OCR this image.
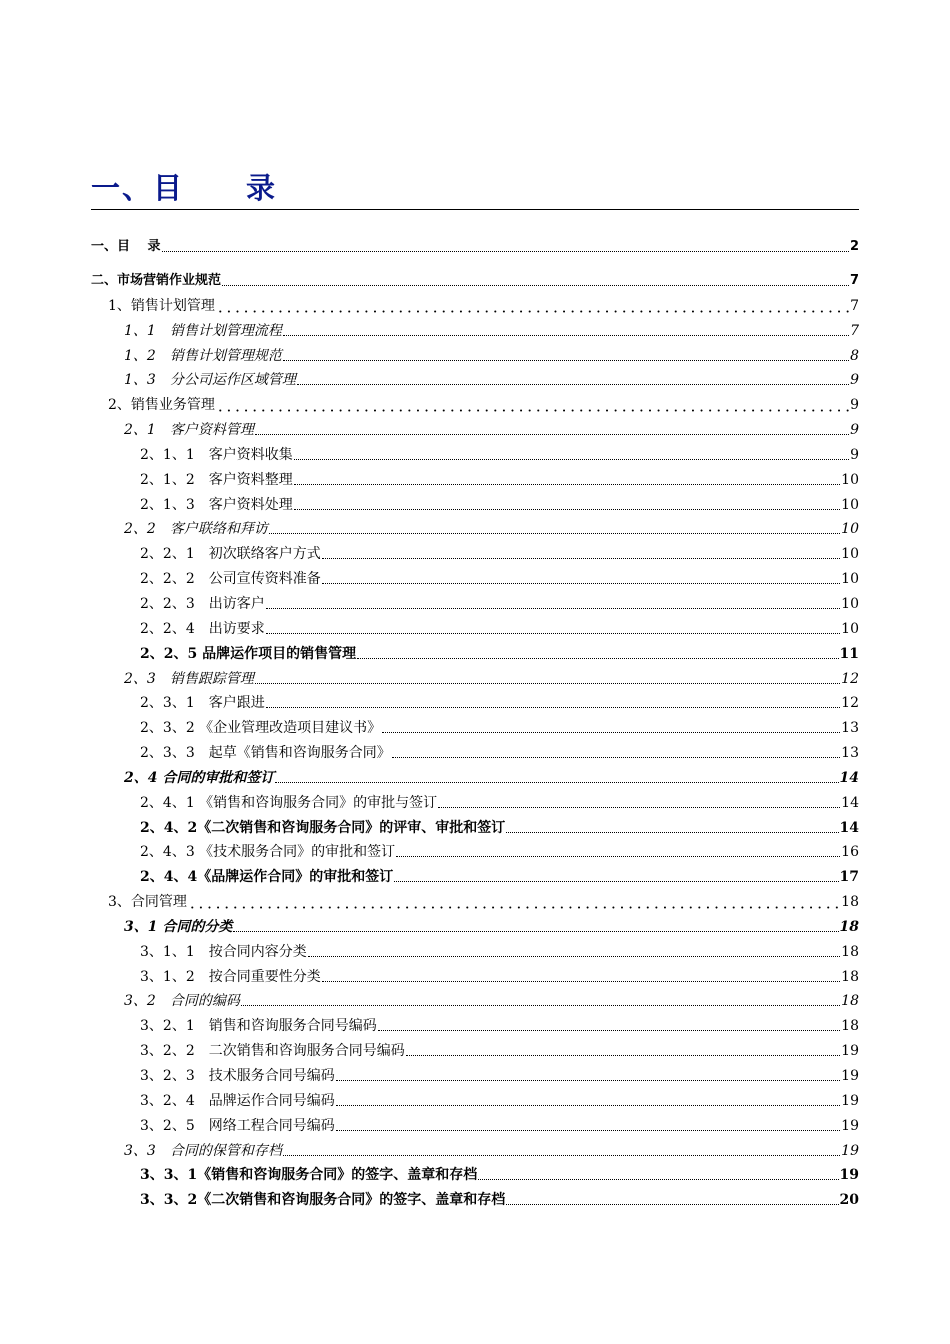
一、目　　录
一、目　 录	2
二、市场营销作业规范	7
1、销售计划管理	7
1、1　销售计划管理流程	7
1、2　销售计划管理规范	8
1、3　分公司运作区域管理	9
2、销售业务管理	9
2、1　客户资料管理	9
2、1、1　客户资料收集	9
2、1、2　客户资料整理	10
2、1、3　客户资料处理	10
2、2　客户联络和拜访	10
2、2、1　初次联络客户方式	10
2、2、2　公司宣传资料准备	10
2、2、3　出访客户	10
2、2、4　出访要求	10
2、2、5 品牌运作项目的销售管理	11
2、3　销售跟踪管理	12
2、3、1　客户跟进	12
2、3、2 《企业管理改造项目建议书》	13
2、3、3　起草《销售和咨询服务合同》	13
2、4 合同的审批和签订	14
2、4、1 《销售和咨询服务合同》的审批与签订	14
2、4、2《二次销售和咨询服务合同》的评审、审批和签订	14
2、4、3 《技术服务合同》的审批和签订	16
2、4、4《品牌运作合同》的审批和签订	17
3、合同管理	18
3、1 合同的分类	18
3、1、1　按合同内容分类	18
3、1、2　按合同重要性分类	18
3、2　合同的编码	18
3、2、1　销售和咨询服务合同号编码	18
3、2、2　二次销售和咨询服务合同号编码	19
3、2、3　技术服务合同号编码	19
3、2、4　品牌运作合同号编码	19
3、2、5　网络工程合同号编码	19
3、3　合同的保管和存档	19
3、3、1《销售和咨询服务合同》的签字、盖章和存档	19
3、3、2《二次销售和咨询服务合同》的签字、盖章和存档	20
